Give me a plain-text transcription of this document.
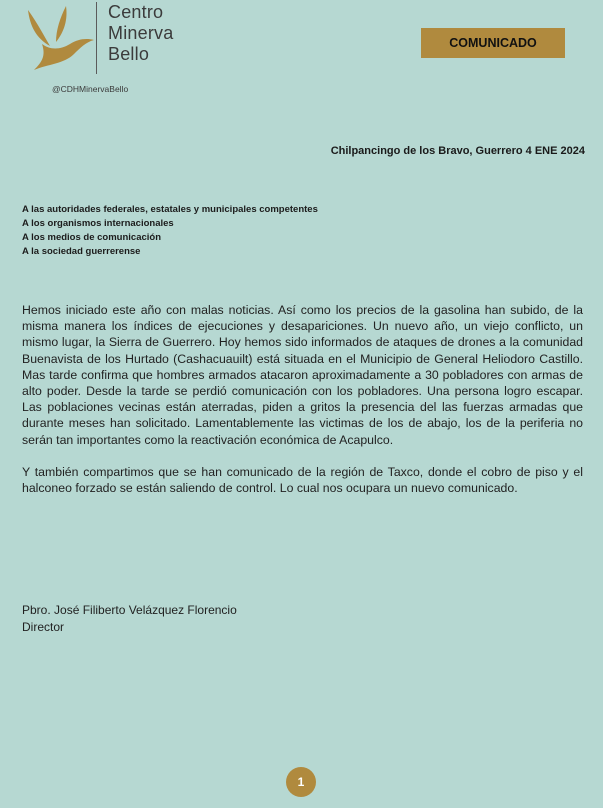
Centro
Minerva
Bello
@CDHMinervaBello
COMUNICADO
Chilpancingo de los Bravo, Guerrero 4 ENE 2024
A las autoridades federales, estatales y municipales competentes
A los organismos internacionales
A los medios de comunicación
A la sociedad guerrerense

Hemos iniciado este año con malas noticias. Así como los precios de la gasolina han subido, de la misma manera los índices de ejecuciones y desapariciones. Un nuevo año, un viejo conflicto, un mismo lugar, la Sierra de Guerrero. Hoy hemos sido informados de ataques de drones a la comunidad Buenavista de los Hurtado (Cashacuauilt) está situada en el Municipio de General Heliodoro Castillo. Mas tarde confirma que hombres armados atacaron aproximadamente a 30 pobladores con armas de alto poder. Desde la tarde se perdió comunicación con los pobladores. Una persona logro escapar. Las poblaciones vecinas están aterradas, piden a gritos la presencia del las fuerzas armadas que durante meses han solicitado. Lamentablemente las victimas de los de abajo, los de la periferia no serán tan importantes como la reactivación económica de Acapulco.

Y también compartimos que se han comunicado de la región de Taxco, donde el cobro de piso y el halconeo forzado se están saliendo de control. Lo cual nos ocupara un nuevo comunicado.

Pbro. José Filiberto Velázquez Florencio
Director
1
